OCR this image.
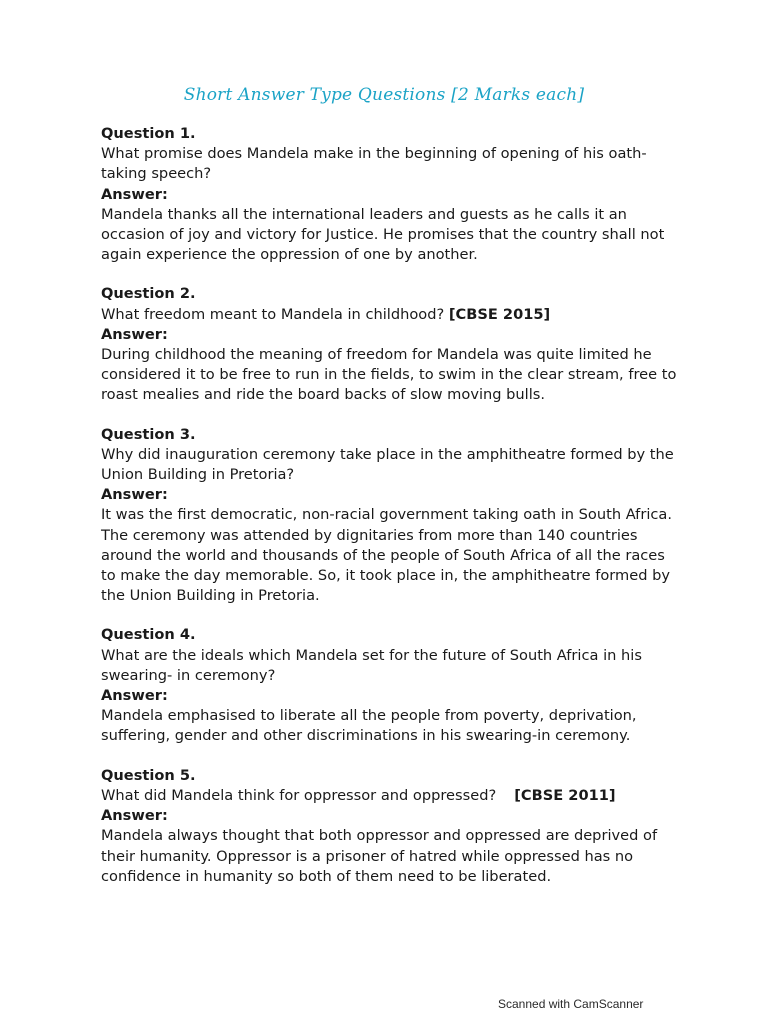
Short Answer Type Questions [2 Marks each]
Question 1.
What promise does Mandela make in the beginning of opening of his oath-taking speech?
Answer:
Mandela thanks all the international leaders and guests as he calls it an occasion of joy and victory for Justice. He promises that the country shall not again experience the oppression of one by another.
Question 2.
What freedom meant to Mandela in childhood? [CBSE 2015]
Answer:
During childhood the meaning of freedom for Mandela was quite limited he considered it to be free to run in the fields, to swim in the clear stream, free to roast mealies and ride the board backs of slow moving bulls.
Question 3.
Why did inauguration ceremony take place in the amphitheatre formed by the Union Building in Pretoria?
Answer:
It was the first democratic, non-racial government taking oath in South Africa. The ceremony was attended by dignitaries from more than 140 countries around the world and thousands of the people of South Africa of all the races to make the day memorable. So, it took place in, the amphitheatre formed by the Union Building in Pretoria.
Question 4.
What are the ideals which Mandela set for the future of South Africa in his swearing- in ceremony?
Answer:
Mandela emphasised to liberate all the people from poverty, deprivation, suffering, gender and other discriminations in his swearing-in ceremony.
Question 5.
What did Mandela think for oppressor and oppressed? [CBSE 2011]
Answer:
Mandela always thought that both oppressor and oppressed are deprived of their humanity. Oppressor is a prisoner of hatred while oppressed has no confidence in humanity so both of them need to be liberated.
Scanned with CamScanner
